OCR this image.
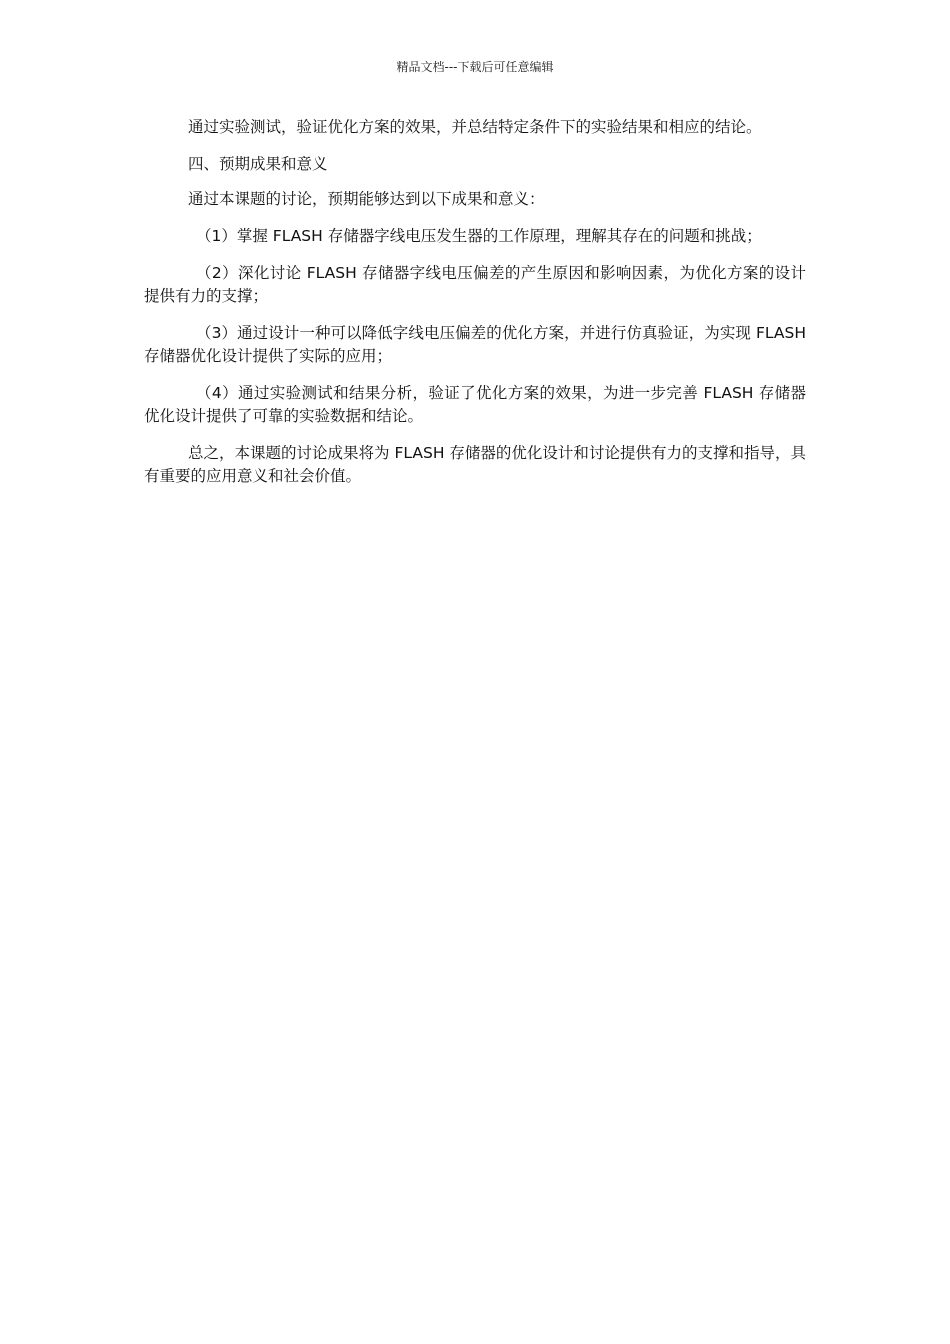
精品文档---下载后可任意编辑

通过实验测试，验证优化方案的效果，并总结特定条件下的实验结果和相应的结论。

四、预期成果和意义

通过本课题的讨论，预期能够达到以下成果和意义：

（1）掌握 FLASH 存储器字线电压发生器的工作原理，理解其存在的问题和挑战；

（2）深化讨论 FLASH 存储器字线电压偏差的产生原因和影响因素，为优化方案的设计提供有力的支撑；

（3）通过设计一种可以降低字线电压偏差的优化方案，并进行仿真验证，为实现 FLASH 存储器优化设计提供了实际的应用；

（4）通过实验测试和结果分析，验证了优化方案的效果，为进一步完善 FLASH 存储器优化设计提供了可靠的实验数据和结论。

总之，本课题的讨论成果将为 FLASH 存储器的优化设计和讨论提供有力的支撑和指导，具有重要的应用意义和社会价值。
